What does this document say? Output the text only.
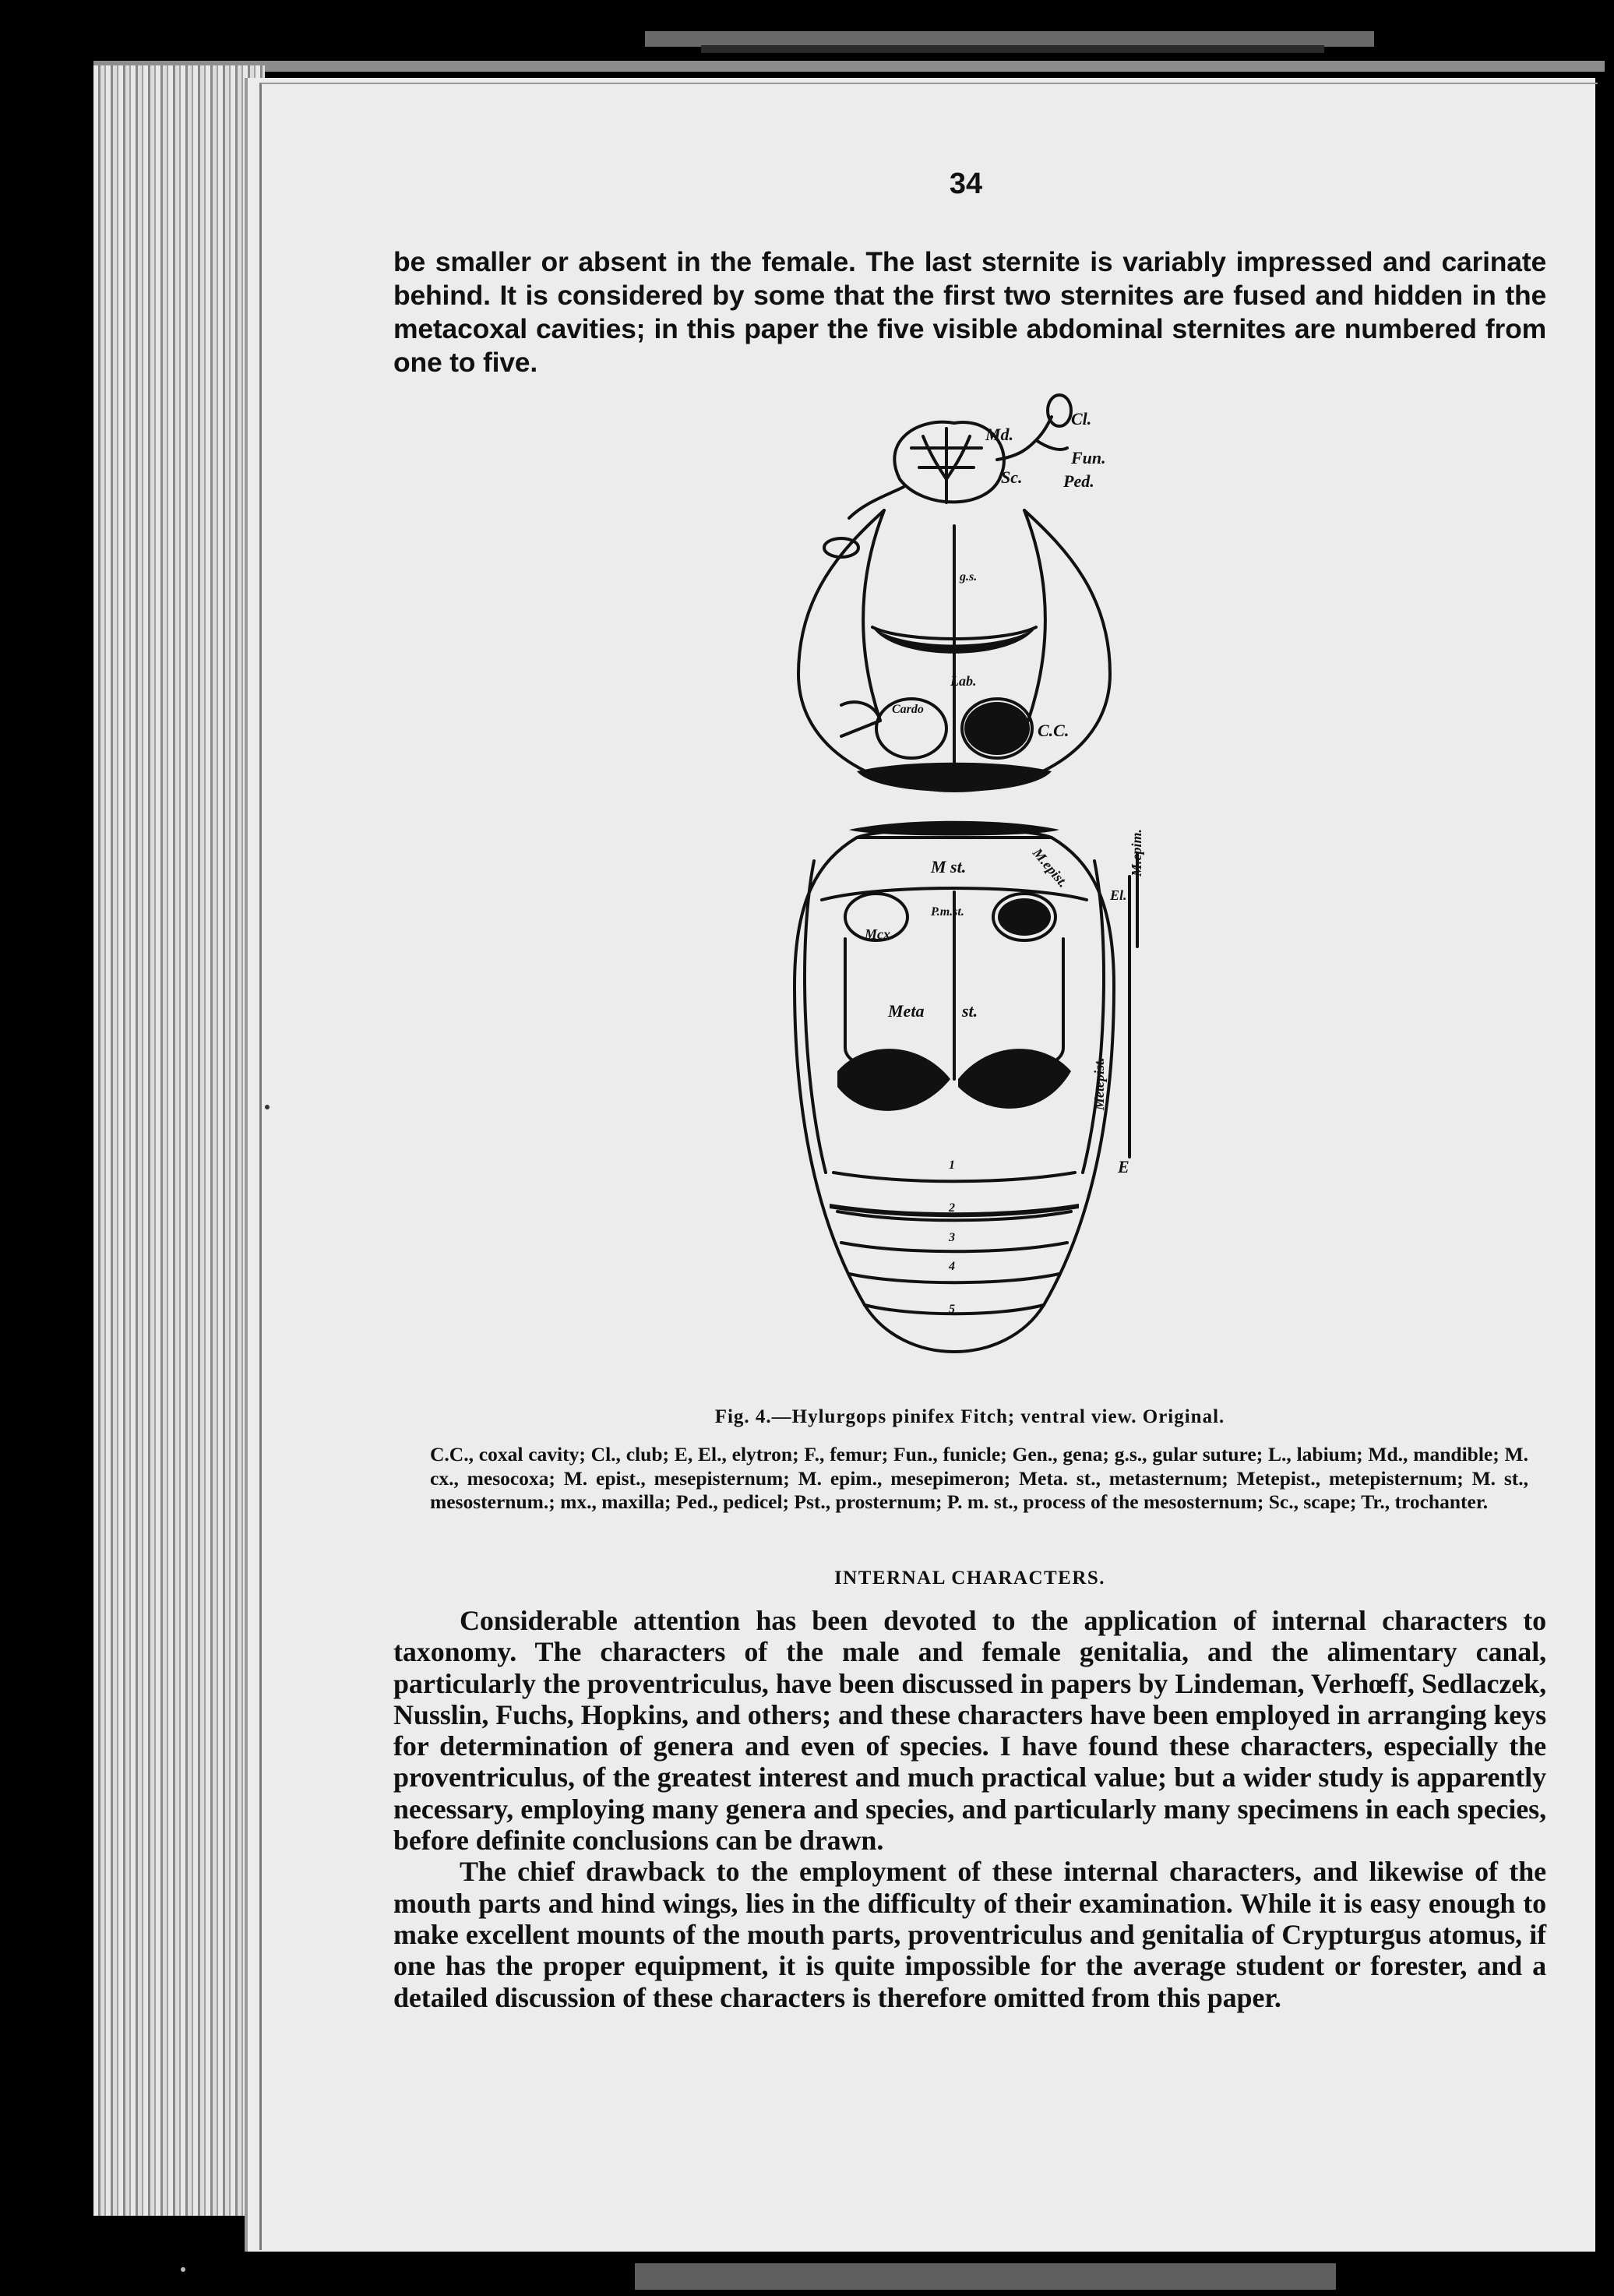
34

be smaller or absent in the female. The last sternite is variably impressed and carinate behind. It is considered by some that the first two sternites are fused and hidden in the metacoxal cavities; in this paper the five visible abdominal sternites are numbered from one to five.

Md.
Cl.
Fun.
Sc. Ped.
g.s.
Lab.
Cardo
C.C.
M st.	M.epist.
El.
M.epim.
Mcx
P.m.st.
Meta st.
Metepist.
E
1
2
3
4
5
Fig. 4.—Hylurgops pinifex Fitch; ventral view. Original.

C.C., coxal cavity; Cl., club; E, El., elytron; F., femur; Fun., funicle; Gen., gena; g.s., gular suture; L., labium; Md., mandible; M. cx., mesocoxa; M. epist., mesepisternum; M. epim., mesepimeron; Meta. st., metasternum; Metepist., metepisternum; M. st., mesosternum.; mx., maxilla; Ped., pedicel; Pst., prosternum; P. m. st., process of the mesosternum; Sc., scape; Tr., trochanter.

INTERNAL CHARACTERS.

Considerable attention has been devoted to the application of internal characters to taxonomy. The characters of the male and female genitalia, and the alimentary canal, particularly the proventriculus, have been discussed in papers by Lindeman, Verhœff, Sedlaczek, Nusslin, Fuchs, Hopkins, and others; and these characters have been employed in arranging keys for determination of genera and even of species. I have found these characters, especially the proventriculus, of the greatest interest and much practical value; but a wider study is apparently necessary, employing many genera and species, and particularly many specimens in each species, before definite conclusions can be drawn.

The chief drawback to the employment of these internal characters, and likewise of the mouth parts and hind wings, lies in the difficulty of their examination. While it is easy enough to make excellent mounts of the mouth parts, proventriculus and genitalia of Crypturgus atomus, if one has the proper equipment, it is quite impossible for the average student or forester, and a detailed discussion of these characters is therefore omitted from this paper.
